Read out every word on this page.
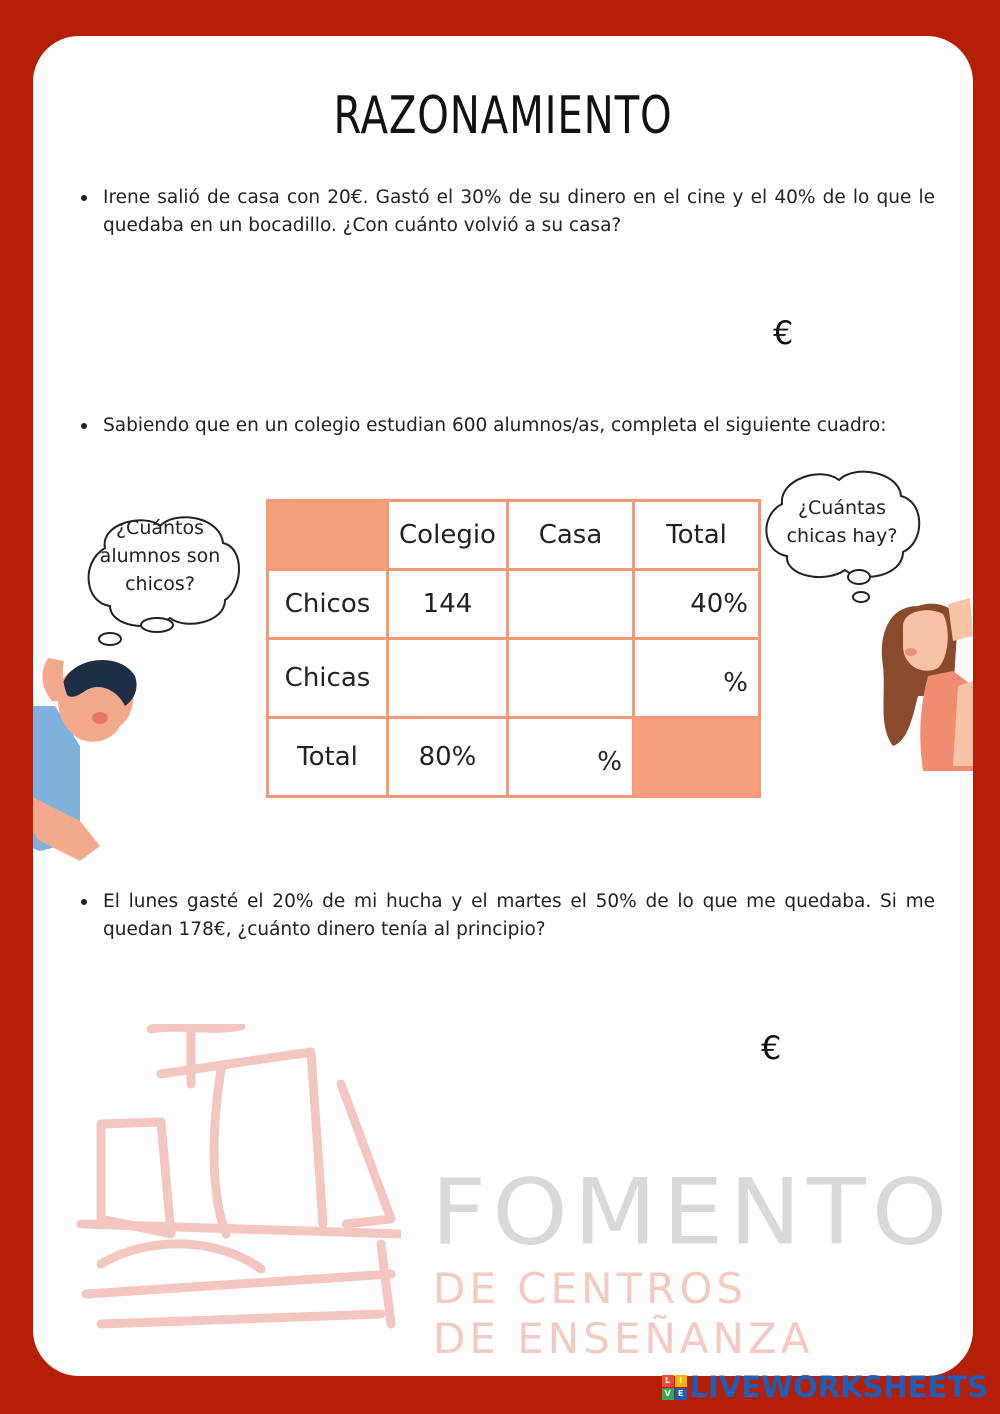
RAZONAMIENTO
Irene salió de casa con 20€. Gastó el 30% de su dinero en el cine y el 40% de lo que le quedaba en un bocadillo. ¿Con cuánto volvió a su casa?
€
Sabiendo que en un colegio estudian 600 alumnos/as, completa el siguiente cuadro:
¿Cuántos
alumnos son
chicos?
	Colegio	Casa	Total
Chicos	144		40%
Chicas			%
Total	80%	%	
¿Cuántas
chicas hay?
El lunes gasté el 20% de mi hucha y el martes el 50% de lo que me quedaba. Si me quedan 178€, ¿cuánto dinero tenía al principio?
€
FOMENTO
DE CENTROS
DE ENSEÑANZA
L	I
V E LIVEWORKSHEETS
